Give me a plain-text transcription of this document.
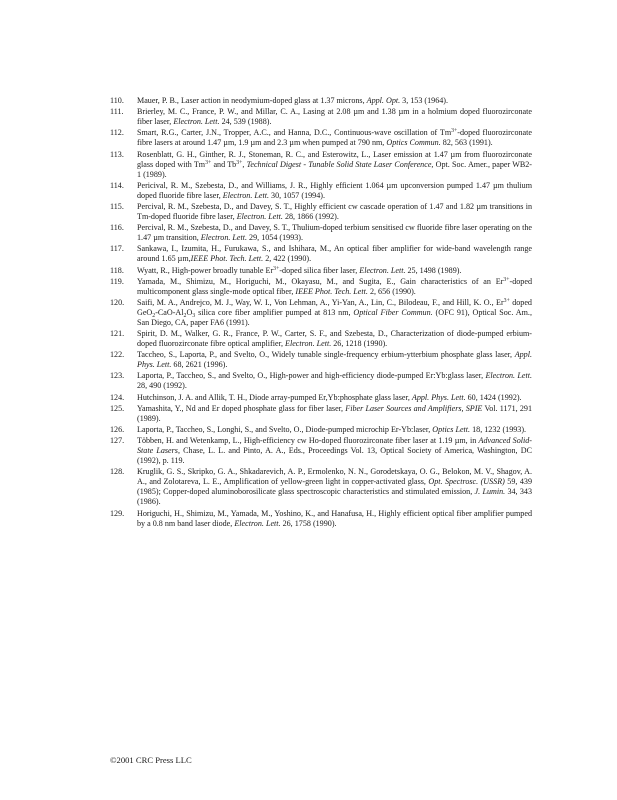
110.	Mauer, P. B., Laser action in neodymium-doped glass at 1.37 microns, Appl. Opt. 3, 153 (1964).
111.	Brierley, M. C., France, P. W., and Millar, C. A., Lasing at 2.08 µm and 1.38 µm in a holmium doped fluorozirconate fiber laser, Electron. Lett. 24, 539 (1988).
112.	Smart, R.G., Carter, J.N., Tropper, A.C., and Hanna, D.C., Continuous-wave oscillation of $Tm^{3+}$-doped fluorozirconate fibre lasers at around 1.47 µm, 1.9 µm and 2.3 µm when pumped at 790 nm, Optics Commun. 82, 563 (1991).
113.	Rosenblatt, G. H., Ginther, R. J., Stoneman, R. C., and Esterowitz, L., Laser emission at 1.47 µm from fluorozirconate glass doped with $Tm^{3+}$ and $Tb^{3+}$, Technical Digest - Tunable Solid State Laser Conference, Opt. Soc. Amer., paper WB2-1 (1989).
114.	Pericival, R. M., Szebesta, D., and Williams, J. R., Highly efficient 1.064 µm upconversion pumped 1.47 µm thulium doped fluoride fibre laser, Electron. Lett. 30, 1057 (1994).
115.	Percival, R. M., Szebesta, D., and Davey, S. T., Highly efficient cw cascade operation of 1.47 and 1.82 µm transitions in Tm-doped fluoride fibre laser, Electron. Lett. 28, 1866 (1992).
116.	Percival, R. M., Szebesta, D., and Davey, S. T., Thulium-doped terbium sensitised cw fluoride fibre laser operating on the 1.47 µm transition, Electron. Lett. 29, 1054 (1993).
117.	Sankawa, I., Izumita, H., Furukawa, S., and Ishihara, M., An optical fiber amplifier for wide-band wavelength range around 1.65 µm,IEEE Phot. Tech. Lett. 2, 422 (1990).
118.	Wyatt, R., High-power broadly tunable $Er^{3+}$-doped silica fiber laser, Electron. Lett. 25, 1498 (1989).
119.	Yamada, M., Shimizu, M., Horiguchi, M., Okayasu, M., and Sugita, E., Gain characteristics of an $Er^{3+}$-doped multicomponent glass single-mode optical fiber, IEEE Phot. Tech. Lett. 2, 656 (1990).
120.	Saifi, M. A., Andrejco, M. J., Way, W. I., Von Lehman, A., Yi-Yan, A., Lin, C., Bilodeau, F., and Hill, K. O., $Er^{3+}$ doped $GeO_2-CaO-Al_2O_3$ silica core fiber amplifier pumped at 813 nm, Optical Fiber Commun. (OFC 91), Optical Soc. Am., San Diego, CA, paper FA6 (1991).
121.	Spirit, D. M., Walker, G. R., France, P. W., Carter, S. F., and Szebesta, D., Characterization of diode-pumped erbium-doped fluorozirconate fibre optical amplifier, Electron. Lett. 26, 1218 (1990).
122.	Taccheo, S., Laporta, P., and Svelto, O., Widely tunable single-frequency erbium-ytterbium phosphate glass laser, Appl. Phys. Lett. 68, 2621 (1996).
123.	Laporta, P., Taccheo, S., and Svelto, O., High-power and high-efficiency diode-pumped Er:Yb:glass laser, Electron. Lett. 28, 490 (1992).
124.	Hutchinson, J. A. and Allik, T. H., Diode array-pumped Er,Yb:phosphate glass laser, Appl. Phys. Lett. 60, 1424 (1992).
125.	Yamashita, Y., Nd and Er doped phosphate glass for fiber laser, Fiber Laser Sources and Amplifiers, SPIE Vol. 1171, 291 (1989).
126.	Laporta, P., Taccheo, S., Longhi, S., and Svelto, O., Diode-pumped microchip Er-Yb:laser, Optics Lett. 18, 1232 (1993).
127.	Többen, H. and Wetenkamp, L., High-efficiency cw Ho-doped fluorozirconate fiber laser at 1.19 µm, in Advanced Solid-State Lasers, Chase, L. L. and Pinto, A. A., Eds., Proceedings Vol. 13, Optical Society of America, Washington, DC (1992), p. 119.
128.	Kruglik, G. S., Skripko, G. A., Shkadarevich, A. P., Ermolenko, N. N., Gorodetskaya, O. G., Belokon, M. V., Shagov, A. A., and Zolotareva, L. E., Amplification of yellow-green light in copper-activated glass, Opt. Spectrosc. (USSR) 59, 439 (1985); Copper-doped aluminoborosilicate glass spectroscopic characteristics and stimulated emission, J. Lumin. 34, 343 (1986).
129.	Horiguchi, H., Shimizu, M., Yamada, M., Yoshino, K., and Hanafusa, H., Highly efficient optical fiber amplifier pumped by a 0.8 nm band laser diode, Electron. Lett. 26, 1758 (1990).
©2001 CRC Press LLC
